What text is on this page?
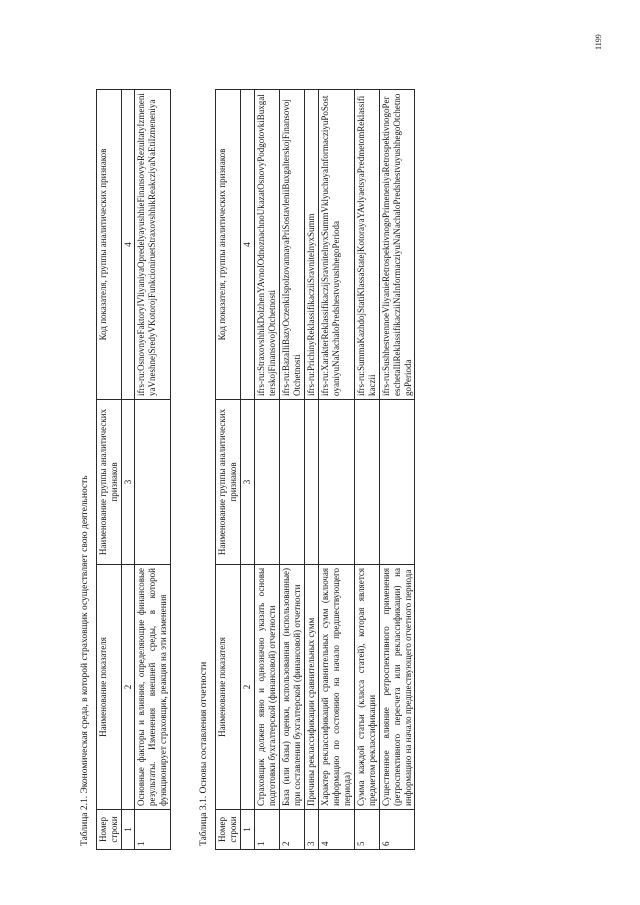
1199
Таблица 2.1. Экономическая среда, в которой страховщик осуществляет свою деятельность Номер строки	Наименование показателя	Наименование группы аналитических признаков	Код показателя, группы аналитических признаков
1	2	3	4
1	Основные факторы и влияния, определяющие финансовые результаты. Изменения внешней среды, в которой функционирует страховщик, реакция на эти изменения		ifrs-ru:OsnovnyeFaktoryIVliyaniyaOpredelyayushhieFinansovyeRezultatyIzmeneniyaVneshnejSredyVKotorojFunkcioniruetStraxovshhikReakcziyaNaEtiIzmeneniya
Таблица 3.1. Основы составления отчетности Номер строки	Наименование показателя	Наименование группы аналитических признаков	Код показателя, группы аналитических признаков
1	2	3	4
1	Страховщик должен явно и однозначно указать основы подготовки бухгалтерской (финансовой) отчетности		ifrs-ru:StraxovshhikDolzhenYAvnoIOdnoznachnoUkazatOsnovyPodgotovkiBuxgalterskojFinansovojOtchetnosti
2	База (или базы) оценки, использованная (использованные) при составлении бухгалтерской (финансовой) отчетности		ifrs-ru:BazaIliBazyOczenkiIspolzovannayaPriSostavleniiBuxgalterskojFinansovojOtchetnosti
3	Причины реклассификации сравнительных сумм		ifrs-ru:PrichinyReklassifikacziiSravnitelnyxSumm
4	Характер реклассификаций сравнительных сумм (включая информацию по состоянию на начало предшествующего периода)		ifrs-ru:XarakterReklassifikaczijSravnitelnyxSummVklyuchayaInformacziyuPoSostoyaniyuNaNachaloPredshestvuyushhegoPerioda
5	Сумма каждой статьи (класса статей), которая является предметом реклассификации		ifrs-ru:SummaKazhdojStatiKlassaStatejKotorayaYAvlyaetsyaPredmetomReklassifikaczii
6	Существенное влияние ретроспективного применения (ретроспективного пересчета или реклассификации) на информацию на начало предшествующего отчетного периода		ifrs-ru:SushhestvennoeVliyanieRetrospektivnogoPrimeneniyaRetrospektivnogoPereschetaIliReklassifikacziiNaInformacziyuNaNachaloPredshestvuyushhegoOtchetnogoPerioda
